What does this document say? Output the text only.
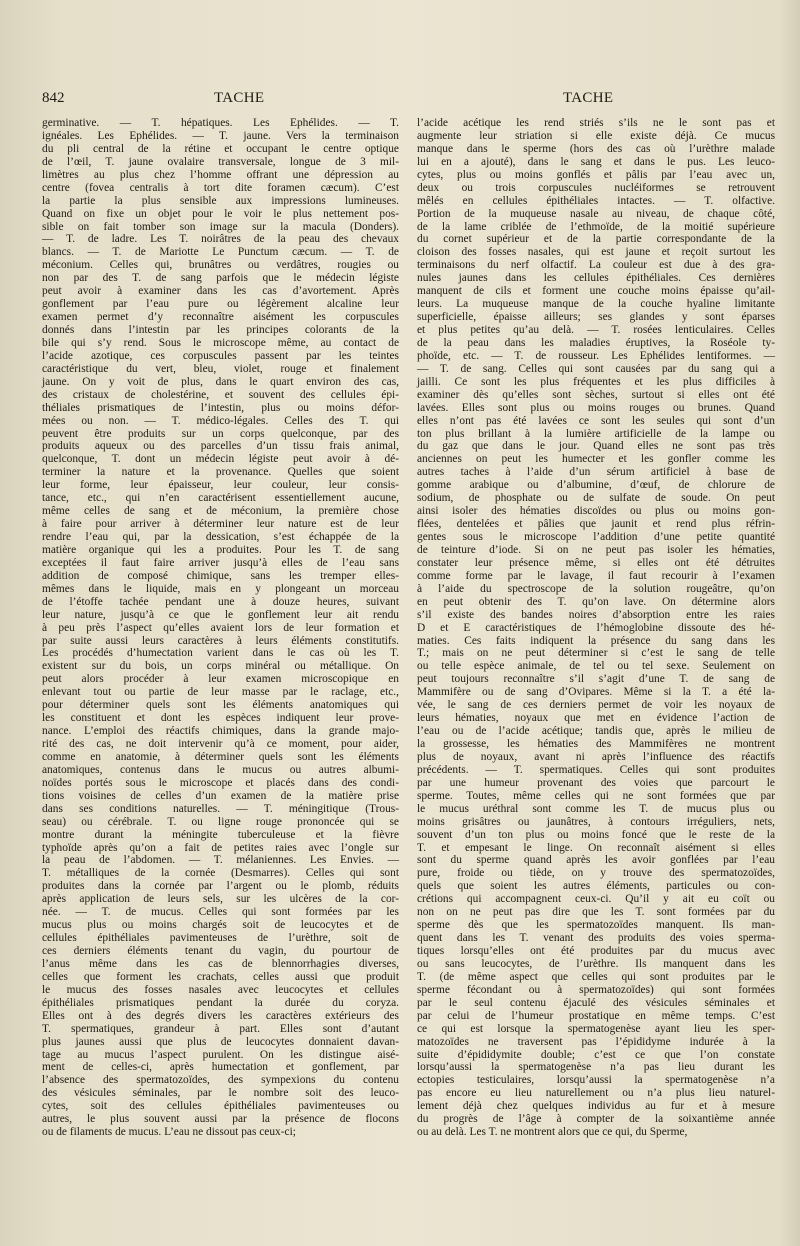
842	TACHE	TACHE
germinative. — T. hépatiques. Les Ephélides. — T.
ignéales. Les Ephélides. — T. jaune. Vers la terminaison
du pli central de la rétine et occupant le centre optique
de l’œil, T. jaune ovalaire transversale, longue de 3 mil-
limètres au plus chez l’homme offrant une dépression au
centre (fovea centralis à tort dite foramen cæcum). C’est
la partie la plus sensible aux impressions lumineuses.
Quand on fixe un objet pour le voir le plus nettement pos-
sible on fait tomber son image sur la macula (Donders).
— T. de ladre. Les T. noirâtres de la peau des chevaux
blancs. — T. de Mariotte Le Punctum cæcum. — T. de
méconium. Celles qui, brunâtres ou verdâtres, rougies ou
non par des T. de sang parfois que le médecin légiste
peut avoir à examiner dans les cas d’avortement. Après
gonflement par l’eau pure ou légèrement alcaline leur
examen permet d’y reconnaître aisément les corpuscules
donnés dans l’intestin par les principes colorants de la
bile qui s’y rend. Sous le microscope même, au contact de
l’acide azotique, ces corpuscules passent par les teintes
caractéristique du vert, bleu, violet, rouge et finalement
jaune. On y voit de plus, dans le quart environ des cas,
des cristaux de cholestérine, et souvent des cellules épi-
théliales prismatiques de l’intestin, plus ou moins défor-
mées ou non. — T. médico-légales. Celles des T. qui
peuvent être produits sur un corps quelconque, par des
produits aqueux ou des parcelles d’un tissu frais animal,
quelconque, T. dont un médecin légiste peut avoir à dé-
terminer la nature et la provenance. Quelles que soient
leur forme, leur épaisseur, leur couleur, leur consis-
tance, etc., qui n’en caractérisent essentiellement aucune,
même celles de sang et de méconium, la première chose
à faire pour arriver à déterminer leur nature est de leur
rendre l’eau qui, par la dessication, s’est échappée de la
matière organique qui les a produites. Pour les T. de sang
exceptées il faut faire arriver jusqu’à elles de l’eau sans
addition de composé chimique, sans les tremper elles-
mêmes dans le liquide, mais en y plongeant un morceau
de l’étoffe tachée pendant une à douze heures, suivant
leur nature, jusqu’à ce que le gonflement leur ait rendu
à peu près l’aspect qu’elles avaient lors de leur formation et
par suite aussi leurs caractères à leurs éléments constitutifs.
Les procédés d’humectation varient dans le cas où les T.
existent sur du bois, un corps minéral ou métallique. On
peut alors procéder à leur examen microscopique en
enlevant tout ou partie de leur masse par le raclage, etc.,
pour déterminer quels sont les éléments anatomiques qui
les constituent et dont les espèces indiquent leur prove-
nance. L’emploi des réactifs chimiques, dans la grande majo-
rité des cas, ne doit intervenir qu’à ce moment, pour aider,
comme en anatomie, à déterminer quels sont les éléments
anatomiques, contenus dans le mucus ou autres albumi-
noïdes portés sous le microscope et placés dans des condi-
tions voisines de celles d’un examen de la matière prise
dans ses conditions naturelles. — T. méningitique (Trous-
seau) ou cérébrale. T. ou ligne rouge prononcée qui se
montre durant la méningite tuberculeuse et la fièvre
typhoïde après qu’on a fait de petites raies avec l’ongle sur
la peau de l’abdomen. — T. mélaniennes. Les Envies. —
T. métalliques de la cornée (Desmarres). Celles qui sont
produites dans la cornée par l’argent ou le plomb, réduits
après application de leurs sels, sur les ulcères de la cor-
née. — T. de mucus. Celles qui sont formées par les
mucus plus ou moins chargés soit de leucocytes et de
cellules épithéliales pavimenteuses de l’urèthre, soit de
ces derniers éléments tenant du vagin, du pourtour de
l’anus même dans les cas de blennorrhagies diverses,
celles que forment les crachats, celles aussi que produit
le mucus des fosses nasales avec leucocytes et cellules
épithéliales prismatiques pendant la durée du coryza.
Elles ont à des degrés divers les caractères extérieurs des
T. spermatiques, grandeur à part. Elles sont d’autant
plus jaunes aussi que plus de leucocytes donnaient davan-
tage au mucus l’aspect purulent. On les distingue aisé-
ment de celles-ci, après humectation et gonflement, par
l’absence des spermatozoïdes, des sympexions du contenu
des vésicules séminales, par le nombre soit des leuco-
cytes, soit des cellules épithéliales pavimenteuses ou
autres, le plus souvent aussi par la présence de flocons
ou de filaments de mucus. L’eau ne dissout pas ceux-ci;
l’acide acétique les rend striés s’ils ne le sont pas et
augmente leur striation si elle existe déjà. Ce mucus
manque dans le sperme (hors des cas où l’urèthre malade
lui en a ajouté), dans le sang et dans le pus. Les leuco-
cytes, plus ou moins gonflés et pâlis par l’eau avec un,
deux ou trois corpuscules nucléiformes se retrouvent
mêlés en cellules épithéliales intactes. — T. olfactive.
Portion de la muqueuse nasale au niveau, de chaque côté,
de la lame criblée de l’ethmoïde, de la moitié supérieure
du cornet supérieur et de la partie correspondante de la
cloison des fosses nasales, qui est jaune et reçoit surtout les
terminaisons du nerf olfactif. La couleur est due à des gra-
nules jaunes dans les cellules épithéliales. Ces dernières
manquent de cils et forment une couche moins épaisse qu’ail-
leurs. La muqueuse manque de la couche hyaline limitante
superficielle, épaisse ailleurs; ses glandes y sont éparses
et plus petites qu’au delà. — T. rosées lenticulaires. Celles
de la peau dans les maladies éruptives, la Roséole ty-
phoïde, etc. — T. de rousseur. Les Ephélides lentiformes. —
— T. de sang. Celles qui sont causées par du sang qui a
jailli. Ce sont les plus fréquentes et les plus difficiles à
examiner dès qu’elles sont sèches, surtout si elles ont été
lavées. Elles sont plus ou moins rouges ou brunes. Quand
elles n’ont pas été lavées ce sont les seules qui sont d’un
ton plus brillant à la lumière artificielle de la lampe ou
du gaz que dans le jour. Quand elles ne sont pas très
anciennes on peut les humecter et les gonfler comme les
autres taches à l’aide d’un sérum artificiel à base de
gomme arabique ou d’albumine, d’œuf, de chlorure de
sodium, de phosphate ou de sulfate de soude. On peut
ainsi isoler des hématies discoïdes ou plus ou moins gon-
flées, dentelées et pâlies que jaunit et rend plus réfrin-
gentes sous le microscope l’addition d’une petite quantité
de teinture d’iode. Si on ne peut pas isoler les hématies,
constater leur présence même, si elles ont été détruites
comme forme par le lavage, il faut recourir à l’examen
à l’aide du spectroscope de la solution rougeâtre, qu’on
en peut obtenir des T. qu’on lave. On détermine alors
s’il existe des bandes noires d’absorption entre les raies
D et E caractéristiques de l’hémoglobine dissoute des hé-
maties. Ces faits indiquent la présence du sang dans les
T.; mais on ne peut déterminer si c’est le sang de telle
ou telle espèce animale, de tel ou tel sexe. Seulement on
peut toujours reconnaître s’il s’agit d’une T. de sang de
Mammifère ou de sang d’Ovipares. Même si la T. a été la-
vée, le sang de ces derniers permet de voir les noyaux de
leurs hématies, noyaux que met en évidence l’action de
l’eau ou de l’acide acétique; tandis que, après le milieu de
la grossesse, les hématies des Mammifères ne montrent
plus de noyaux, avant ni après l’influence des réactifs
précédents. — T. spermatiques. Celles qui sont produites
par une humeur provenant des voies que parcourt le
sperme. Toutes, même celles qui ne sont formées que par
le mucus uréthral sont comme les T. de mucus plus ou
moins grisâtres ou jaunâtres, à contours irréguliers, nets,
souvent d’un ton plus ou moins foncé que le reste de la
T. et empesant le linge. On reconnaît aisément si elles
sont du sperme quand après les avoir gonflées par l’eau
pure, froide ou tiède, on y trouve des spermatozoïdes,
quels que soient les autres éléments, particules ou con-
crétions qui accompagnent ceux-ci. Qu’il y ait eu coït ou
non on ne peut pas dire que les T. sont formées par du
sperme dès que les spermatozoïdes manquent. Ils man-
quent dans les T. venant des produits des voies sperma-
tiques lorsqu’elles ont été produites par du mucus avec
ou sans leucocytes, de l’urèthre. Ils manquent dans les
T. (de même aspect que celles qui sont produites par le
sperme fécondant ou à spermatozoïdes) qui sont formées
par le seul contenu éjaculé des vésicules séminales et
par celui de l’humeur prostatique en même temps. C’est
ce qui est lorsque la spermatogenèse ayant lieu les sper-
matozoïdes ne traversent pas l’épididyme indurée à la
suite d’épididymite double; c’est ce que l’on constate
lorsqu’aussi la spermatogenèse n’a pas lieu durant les
ectopies testiculaires, lorsqu’aussi la spermatogenèse n’a
pas encore eu lieu naturellement ou n’a plus lieu naturel-
lement déjà chez quelques individus au fur et à mesure
du progrès de l’âge à compter de la soixantième année
ou au delà. Les T. ne montrent alors que ce qui, du Sperme,
